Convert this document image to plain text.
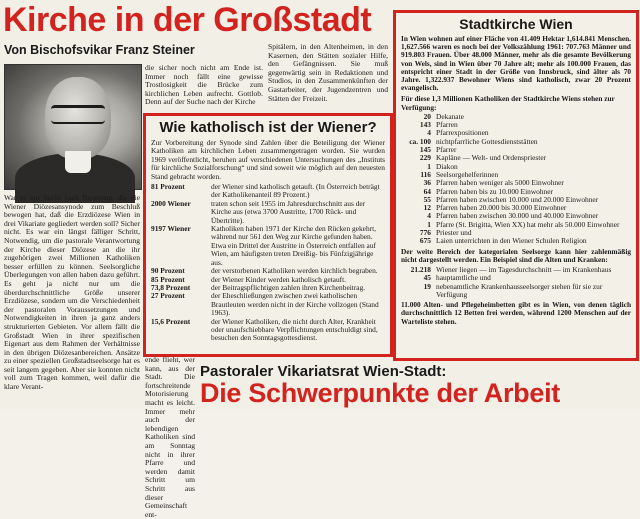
Kirche in der Großstadt
Von Bischofsvikar Franz Steiner

War es nur Sucht nach Neuerung, die die Wiener Diözesansynode zum Beschluß bewogen hat, daß die Erzdiözese Wien in drei Vikariate gegliedert werden soll? Sicher nicht. Es war ein längst fälliger Schritt, Notwendig, um die pastorale Verantwortung der Kirche dieser Diözese an die ihr zugehörigen zwei Millionen Katholiken besser erfüllen zu können. Seelsorgliche Überlegungen von allen haben dazu geführt. Es geht ja nicht nur um die überdurchschnittliche Größe unserer Erzdiözese, sondern um die Verschiedenheit der pastoralen Voraussetzungen und Notwendigkeiten in ihren ja ganz anders strukturierten Gebieten. Vor allem fällt die Großstadt Wien in ihrer spezifischen Eigenart aus dem Rahmen der Verhältnisse in den übrigen Diözesanbereichen. Ansätze zu einer speziellen Großstadtseelsorge hat es seit langem gegeben. Aber sie konnten nicht voll zum Tragen kommen, weil dafür die klare Verant-

die sicher noch nicht am Ende ist. Immer noch fällt eine gewisse Trostlosigkeit die Brücke zum kirchlichen Leben aufrecht. Gottlob. Denn auf der Suche nach der Kirche

Spitälern, in den Altenheimen, in den Kasernen, den Stätten sozialer Hilfe, den Gefängnissen. Sie muß gegenwärtig sein in Redaktionen und Studios, in den Zusammenkünften der Gastarbeiter, der Jugendzentren und Stätten der Freizeit.

Wie katholisch ist der Wiener?
Zur Vorbereitung der Synode sind Zahlen über die Beteiligung der Wiener Katholiken am kirchlichen Leben zusammengetragen worden. Sie wurden 1969 veröffentlicht, beruhen auf verschiedenen Untersuchungen des „Instituts für kirchliche Sozialforschung“ und sind soweit wie möglich auf den neuesten Stand gebracht worden.
81 Prozent	der Wiener sind katholisch getauft. (In Österreich beträgt der Katholikenanteil 89 Prozent.)
2000 Wiener	traten schon seit 1955 im Jahresdurchschnitt aus der Kirche aus (etwa 3700 Austritte, 1700 Rück- und Übertritte).
9197 Wiener	Katholiken haben 1971 der Kirche den Rücken gekehrt, während nur 561 den Weg zur Kirche gefunden haben. Etwa ein Drittel der Austritte in Österreich entfallen auf Wien, am häufigsten treten Dreißig- bis Fünfzigjährige aus.
90 Prozent	der verstorbenen Katholiken werden kirchlich begraben.
85 Prozent	der Wiener Kinder werden katholisch getauft.
73,8 Prozent	der Beitragspflichtigen zahlen ihren Kirchenbeitrag.
27 Prozent	der Eheschließungen zwischen zwei katholischen Brautleuten werden nicht in der Kirche vollzogen (Stand 1963).
15,6 Prozent	der Wiener Katholiken, die nicht durch Alter, Krankheit oder unaufschiebbare Verpflichtungen entschuldigt sind, besuchen den Sonntagsgottesdienst.

ende flieht, wer kann, aus der Stadt. Die fortschreitende Motorisierung macht es leicht. Immer mehr auch der lebendigen Katholiken sind am Sonntag nicht in ihrer Pfarre und werden damit Schritt um Schritt aus dieser Gemeinschaft ent-

Stadtkirche Wien
In Wien wohnen auf einer Fläche von 41.409 Hektar 1,614.841 Menschen. 1,627.566 waren es noch bei der Volkszählung 1961: 707.763 Männer und 919.803 Frauen. Über 48.000 Männer, mehr als die gesamte Bevölkerung von Wels, sind in Wien über 70 Jahre alt; mehr als 100.000 Frauen, das entspricht einer Stadt in der Größe von Innsbruck, sind älter als 70 Jahre. 1,322.937 Bewohner Wiens sind katholisch, zwar 20 Prozent evangelisch.
Für diese 1,3 Millionen Katholiken der Stadtkirche Wiens stehen zur Verfügung:
20 Dekanate
143 Pfarren
4 Pfarrexpositionen
ca. 100 nichtpfarrliche Gottesdienststätten
145 Pfarrer
229 Kapläne — Welt- und Ordenspriester
1 Diakon
116 Seelsorgehelferinnen
36 Pfarren haben weniger als 5000 Einwohner
64 Pfarren haben bis zu 10.000 Einwohner
55 Pfarren haben zwischen 10.000 und 20.000 Einwohner
12 Pfarren haben 20.000 bis 30.000 Einwohner
4 Pfarren haben zwischen 30.000 und 40.000 Einwohner
1 Pfarre (St. Brigitta, Wien XX) hat mehr als 50.000 Einwohner
776 Priester und
675 Laien unterrichten in den Wiener Schulen Religion
Der weite Bereich der kategorialen Seelsorge kann hier zahlenmäßig nicht dargestellt werden. Ein Beispiel sind die Alten und Kranken:
21.218 Wiener liegen — im Tagesdurchschnitt — im Krankenhaus
45 hauptamtliche und
19 nebenamtliche Krankenhausseelsorger stehen für sie zur Verfügung
11.000 Alten- und Pflegeheimbetten gibt es in Wien, von denen täglich durchschnittlich 12 Betten frei werden, während 1200 Menschen auf der Warteliste stehen.
Pastoraler Vikariatsrat Wien-Stadt:
Die Schwerpunkte der Arbeit
